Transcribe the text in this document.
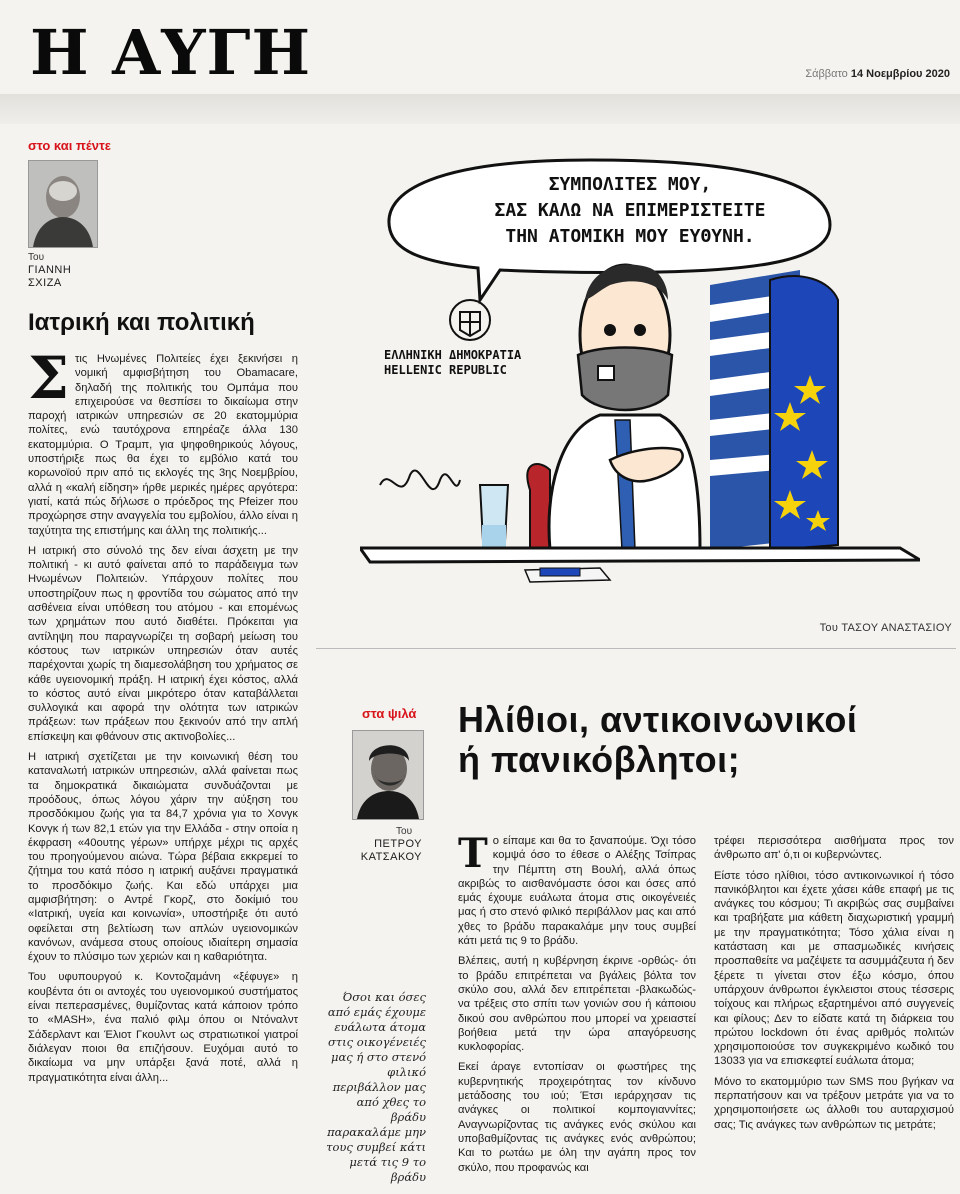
Η ΑΥΓΗ	Σάββατο 14 Νοεμβρίου 2020
στο και πέντε
Του
ΓΙΑΝΝΗ ΣΧΙΖΑ
Ιατρική και πολιτική

Στις Ηνωμένες Πολιτείες έχει ξεκινήσει η νομική αμφισβήτηση του Obamacare, δηλαδή της πολιτικής του Ομπάμα που επιχειρούσε να θεσπίσει το δικαίωμα στην παροχή ιατρικών υπηρεσιών σε 20 εκατομμύρια πολίτες, ενώ ταυτόχρονα επηρέαζε άλλα 130 εκατομμύρια. Ο Τραμπ, για ψηφοθηρικούς λόγους, υποστήριξε πως θα έχει το εμβόλιο κατά του κορωνοϊού πριν από τις εκλογές της 3ης Νοεμβρίου, αλλά η «καλή είδηση» ήρθε μερικές ημέρες αργότερα: γιατί, κατά πώς δήλωσε ο πρόεδρος της Pfeizer που προχώρησε στην αναγγελία του εμβολίου, άλλο είναι η ταχύτητα της επιστήμης και άλλη της πολιτικής...

Η ιατρική στο σύνολό της δεν είναι άσχετη με την πολιτική - κι αυτό φαίνεται από το παράδειγμα των Ηνωμένων Πολιτειών. Υπάρχουν πολίτες που υποστηρίζουν πως η φροντίδα του σώματος από την ασθένεια είναι υπόθεση του ατόμου - και επομένως των χρημάτων που αυτό διαθέτει. Πρόκειται για αντίληψη που παραγνωρίζει τη σοβαρή μείωση του κόστους των ιατρικών υπηρεσιών όταν αυτές παρέχονται χωρίς τη διαμεσολάβηση του χρήματος σε κάθε υγειονομική πράξη. Η ιατρική έχει κόστος, αλλά το κόστος αυτό είναι μικρότερο όταν καταβάλλεται συλλογικά και αφορά την ολότητα των ιατρικών πράξεων: των πράξεων που ξεκινούν από την απλή επίσκεψη και φθάνουν στις ακτινοβολίες...

Η ιατρική σχετίζεται με την κοινωνική θέση του καταναλωτή ιατρικών υπηρεσιών, αλλά φαίνεται πως τα δημοκρατικά δικαιώματα συνδυάζονται με προόδους, όπως λόγου χάριν την αύξηση του προσδόκιμου ζωής για τα 84,7 χρόνια για το Χονγκ Κονγκ ή των 82,1 ετών για την Ελλάδα - στην οποία η έκφραση «40ουτης γέρων» υπήρχε μέχρι τις αρχές του προηγούμενου αιώνα. Τώρα βέβαια εκκρεμεί το ζήτημα του κατά πόσο η ιατρική αυξάνει πραγματικά το προσδόκιμο ζωής. Και εδώ υπάρχει μια αμφισβήτηση: ο Αντρέ Γκορζ, στο δοκίμιό του «Ιατρική, υγεία και κοινωνία», υποστήριξε ότι αυτό οφείλεται στη βελτίωση των απλών υγειονομικών κανόνων, ανάμεσα στους οποίους ιδιαίτερη σημασία έχουν το πλύσιμο των χεριών και η καθαριότητα.

Του υφυπουργού κ. Κοντοζαμάνη «ξέφυγε» η κουβέντα ότι οι αντοχές του υγειονομικού συστήματος είναι πεπερασμένες, θυμίζοντας κατά κάποιον τρόπο το «MASH», ένα παλιό φιλμ όπου οι Ντόναλντ Σάδερλαντ και Έλιοτ Γκουλντ ως στρατιωτικοί γιατροί διάλεγαν ποιοι θα επιζήσουν. Ευχόμαι αυτό το δικαίωμα να μην υπάρξει ξανά ποτέ, αλλά η πραγματικότητα είναι άλλη...

ΣΥΜΠΟΛΙΤΕΣ ΜΟΥ,
ΣΑΣ ΚΑΛΩ ΝΑ ΕΠΙΜΕΡΙΣΤΕΙΤΕ
ΤΗΝ ΑΤΟΜΙΚΗ ΜΟΥ ΕΥΘΥΝΗ.
ΕΛΛΗΝΙΚΗ ΔΗΜΟΚΡΑΤΙΑ
HELLENIC REPUBLIC
Του ΤΑΣΟΥ ΑΝΑΣΤΑΣΙΟΥ
στα ψιλά
Του
ΠΕΤΡΟΥ
ΚΑΤΣΑΚΟΥ
Ηλίθιοι, αντικοινωνικοί
ή πανικόβλητοι;
Όσοι και όσες από εμάς έχουμε ευάλωτα άτομα στις οικογένειές μας ή στο στενό φιλικό περιβάλλον μας από χθες το βράδυ παρακαλάμε μην τους συμβεί κάτι μετά τις 9 το βράδυ

Το είπαμε και θα το ξαναπούμε. Όχι τόσο κομψά όσο το έθεσε ο Αλέξης Τσίπρας την Πέμπτη στη Βουλή, αλλά όπως ακριβώς το αισθανόμαστε όσοι και όσες από εμάς έχουμε ευάλωτα άτομα στις οικογένειές μας ή στο στενό φιλικό περιβάλλον μας και από χθες το βράδυ παρακαλάμε μην τους συμβεί κάτι μετά τις 9 το βράδυ.

Βλέπεις, αυτή η κυβέρνηση έκρινε -ορθώς- ότι το βράδυ επιτρέπεται να βγάλεις βόλτα τον σκύλο σου, αλλά δεν επιτρέπεται -βλακωδώς- να τρέξεις στο σπίτι των γονιών σου ή κάποιου δικού σου ανθρώπου που μπορεί να χρειαστεί βοήθεια μετά την ώρα απαγόρευσης κυκλοφορίας.

Εκεί άραγε εντοπίσαν οι φωστήρες της κυβερνητικής προχειρότητας τον κίνδυνο μετάδοσης του ιού; Έτσι ιεράρχησαν τις ανάγκες οι πολιτικοί κομπογιαννίτες; Αναγνωρίζοντας τις ανάγκες ενός σκύλου και υποβαθμίζοντας τις ανάγκες ενός ανθρώπου; Και το ρωτάω με όλη την αγάπη προς τον σκύλο, που προφανώς και

τρέφει περισσότερα αισθήματα προς τον άνθρωπο απ' ό,τι οι κυβερνώντες.

Είστε τόσο ηλίθιοι, τόσο αντικοινωνικοί ή τόσο πανικόβλητοι και έχετε χάσει κάθε επαφή με τις ανάγκες του κόσμου; Τι ακριβώς σας συμβαίνει και τραβήξατε μια κάθετη διαχωριστική γραμμή με την πραγματικότητα; Τόσο χάλια είναι η κατάσταση και με σπασμωδικές κινήσεις προσπαθείτε να μαζέψετε τα ασυμμάζευτα ή δεν ξέρετε τι γίνεται στον έξω κόσμο, όπου υπάρχουν άνθρωποι έγκλειστοι στους τέσσερις τοίχους και πλήρως εξαρτημένοι από συγγενείς και φίλους; Δεν το είδατε κατά τη διάρκεια του πρώτου lockdown ότι ένας αριθμός πολιτών χρησιμοποιούσε τον συγκεκριμένο κωδικό του 13033 για να επισκεφτεί ευάλωτα άτομα;

Μόνο το εκατομμύριο των SMS που βγήκαν να περπατήσουν και να τρέξουν μετράτε για να το χρησιμοποιήσετε ως άλλοθι του αυταρχισμού σας; Τις ανάγκες των ανθρώπων τις μετράτε;
